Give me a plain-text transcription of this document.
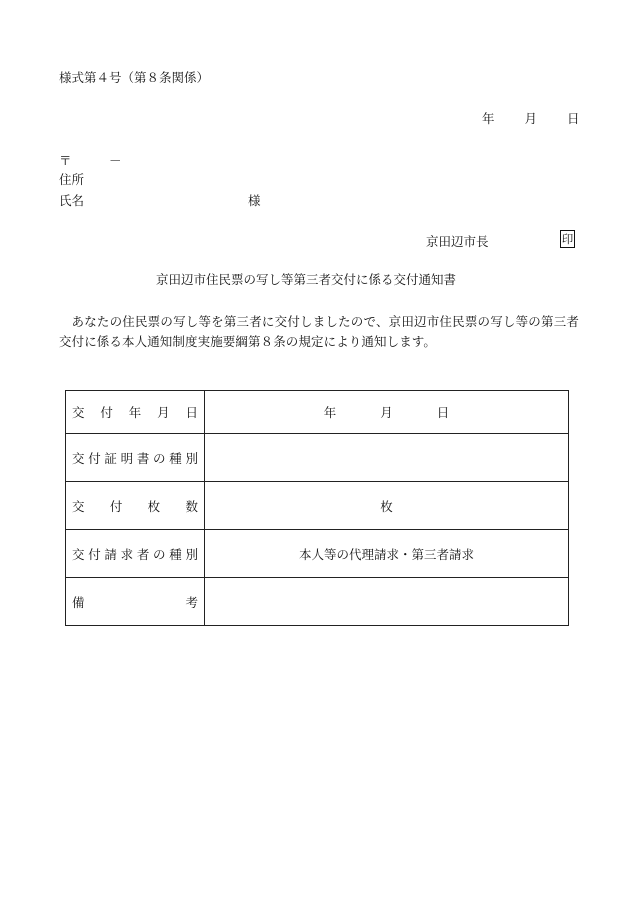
様式第４号（第８条関係）
年 月 日
〒　　　－
住所
氏名	様
京田辺市長	印
京田辺市住民票の写し等第三者交付に係る交付通知書
あなたの住民票の写し等を第三者に交付しましたので、京田辺市住民票の写し等の第三者交付に係る本人通知制度実施要綱第８条の規定により通知します。
交付年月日	年 月 日
交付証明書の種別	
交付枚数	枚
交付請求者の種別	本人等の代理請求・第三者請求
備考	
